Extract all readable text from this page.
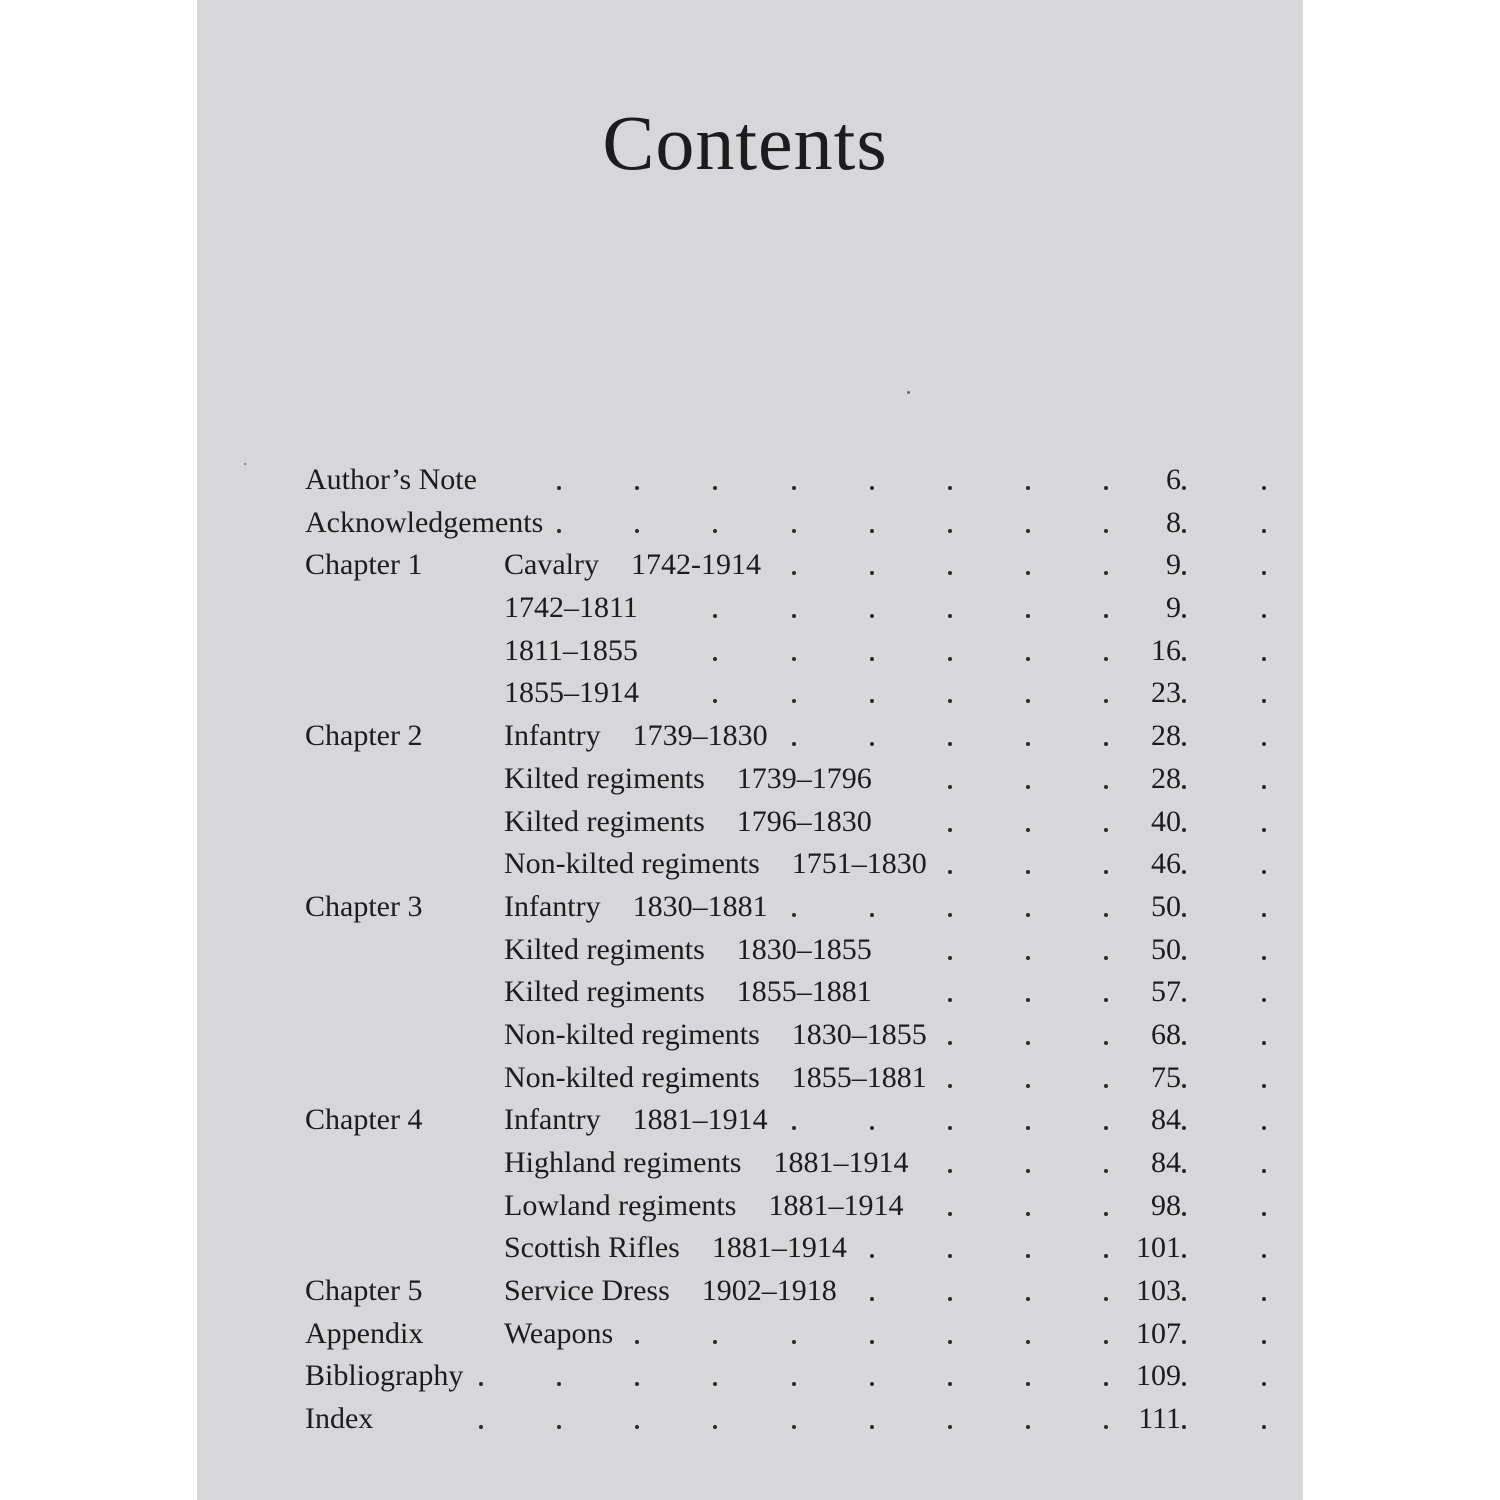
Contents
Author’s Note	6
Acknowledgements	8
Chapter 1	Cavalry 1742-1914	9
1742–1811	9
1811–1855	16
1855–1914	23
Chapter 2	Infantry 1739–1830	28
Kilted regiments 1739–1796	28
Kilted regiments 1796–1830	40
Non-kilted regiments 1751–1830	46
Chapter 3	Infantry 1830–1881	50
Kilted regiments 1830–1855	50
Kilted regiments 1855–1881	57
Non-kilted regiments 1830–1855	68
Non-kilted regiments 1855–1881	75
Chapter 4	Infantry 1881–1914	84
Highland regiments 1881–1914	84
Lowland regiments 1881–1914	98
Scottish Rifles 1881–1914	101
Chapter 5	Service Dress 1902–1918	103
Appendix	Weapons	107
Bibliography	109
Index	111
